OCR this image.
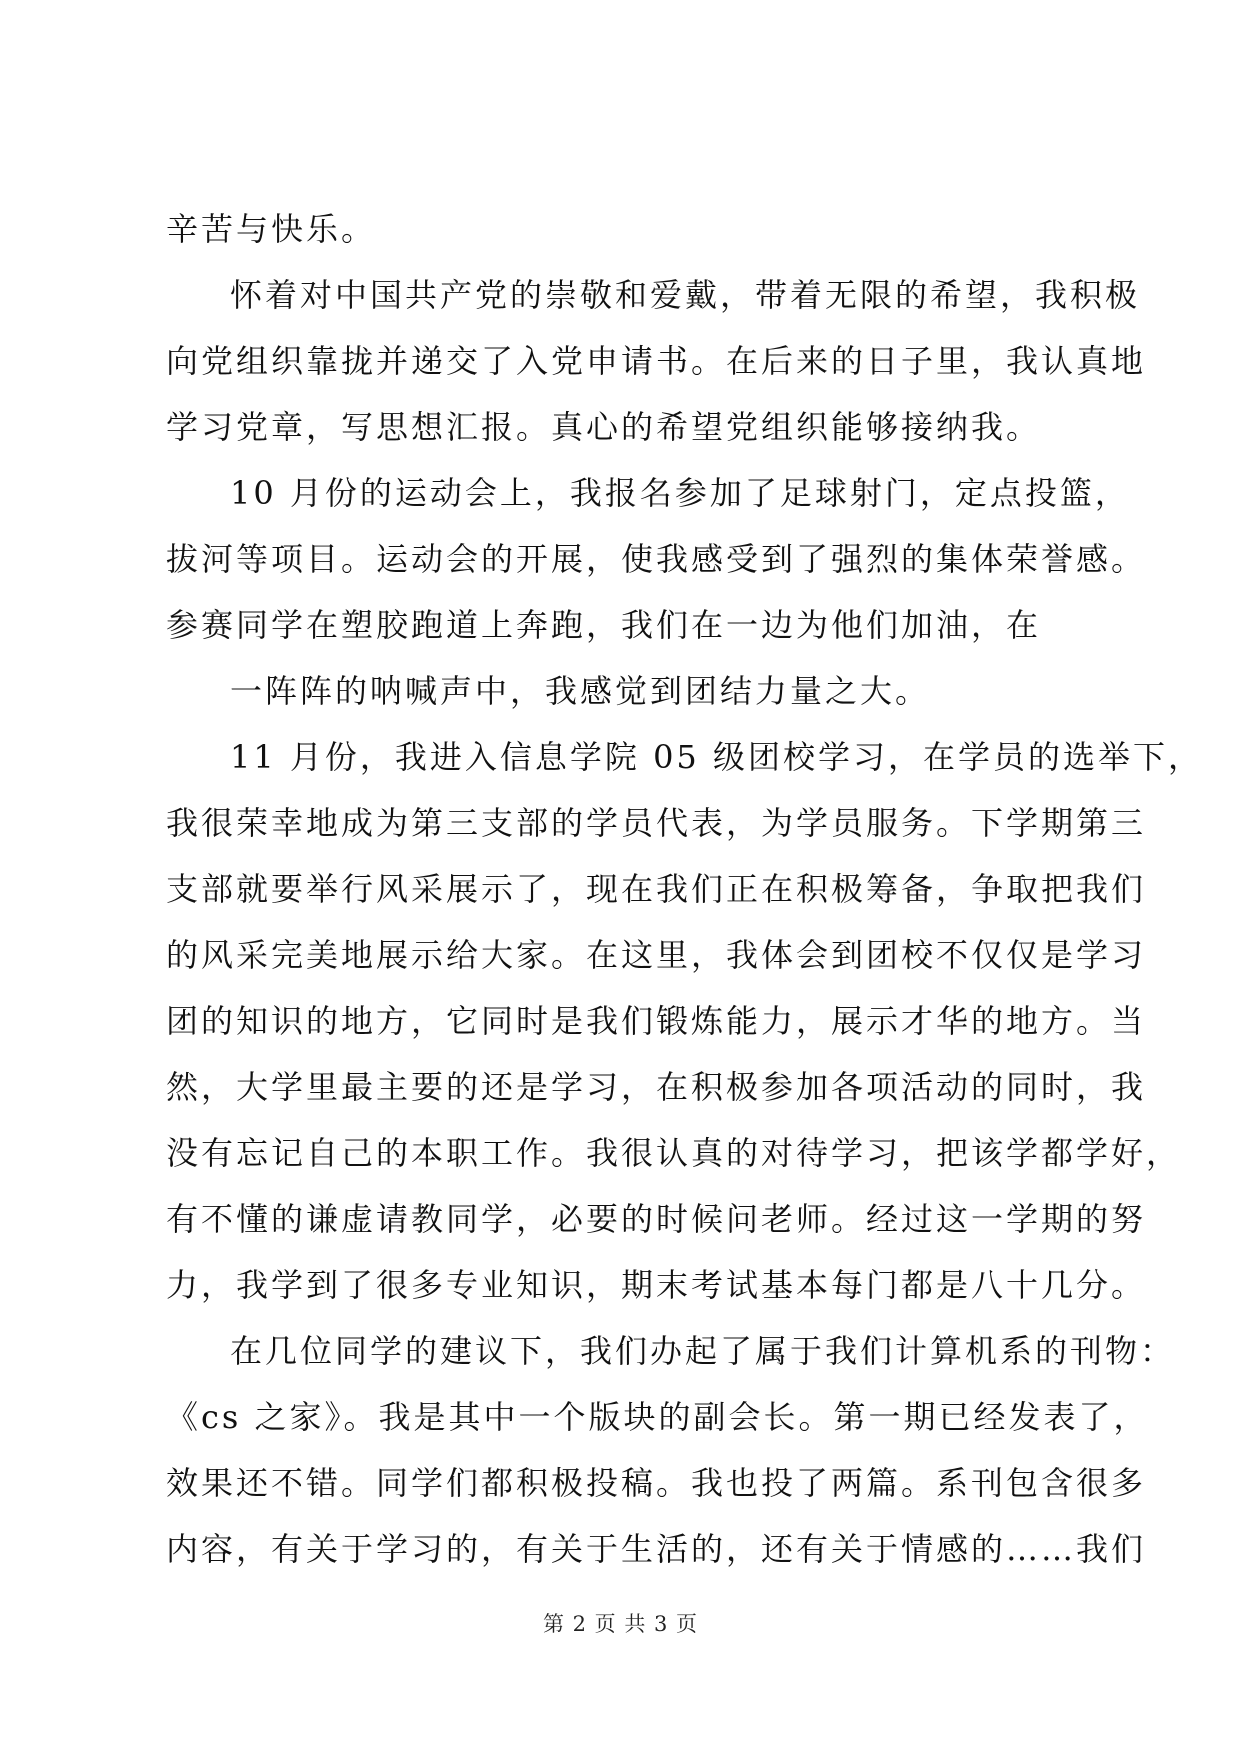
辛苦与快乐。
怀着对中国共产党的崇敬和爱戴，带着无限的希望，我积极
向党组织靠拢并递交了入党申请书。在后来的日子里，我认真地
学习党章，写思想汇报。真心的希望党组织能够接纳我。
10 月份的运动会上，我报名参加了足球射门，定点投篮，
拔河等项目。运动会的开展，使我感受到了强烈的集体荣誉感。
参赛同学在塑胶跑道上奔跑，我们在一边为他们加油，在
一阵阵的呐喊声中，我感觉到团结力量之大。
11 月份，我进入信息学院 05 级团校学习，在学员的选举下，
我很荣幸地成为第三支部的学员代表，为学员服务。下学期第三
支部就要举行风采展示了，现在我们正在积极筹备，争取把我们
的风采完美地展示给大家。在这里，我体会到团校不仅仅是学习
团的知识的地方，它同时是我们锻炼能力，展示才华的地方。当
然，大学里最主要的还是学习，在积极参加各项活动的同时，我
没有忘记自己的本职工作。我很认真的对待学习，把该学都学好，
有不懂的谦虚请教同学，必要的时候问老师。经过这一学期的努
力，我学到了很多专业知识，期末考试基本每门都是八十几分。
在几位同学的建议下，我们办起了属于我们计算机系的刊物：
《cs 之家》。我是其中一个版块的副会长。第一期已经发表了，
效果还不错。同学们都积极投稿。我也投了两篇。系刊包含很多
内容，有关于学习的，有关于生活的，还有关于情感的……我们
第 2 页 共 3 页
